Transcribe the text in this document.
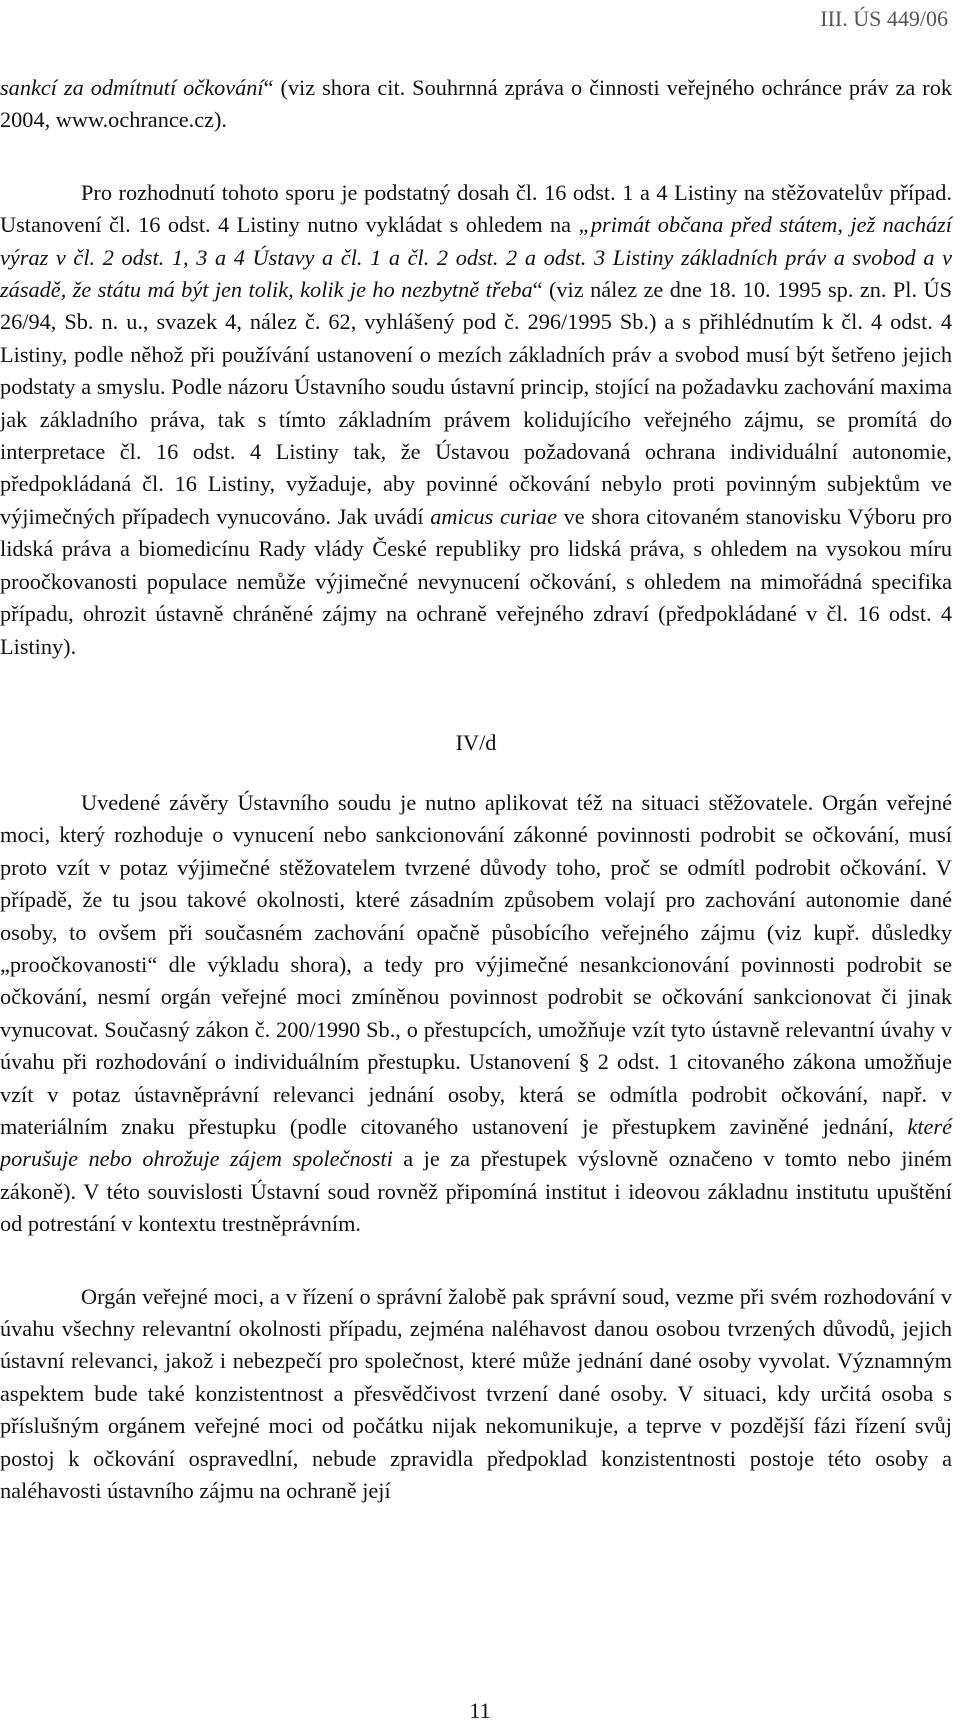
III. ÚS 449/06

sankcí za odmítnutí očkování“ (viz shora cit. Souhrnná zpráva o činnosti veřejného ochránce práv za rok 2004, www.ochrance.cz).

Pro rozhodnutí tohoto sporu je podstatný dosah čl. 16 odst. 1 a 4 Listiny na stěžovatelův případ. Ustanovení čl. 16 odst. 4 Listiny nutno vykládat s ohledem na „primát občana před státem, jež nachází výraz v čl. 2 odst. 1, 3 a 4 Ústavy a čl. 1 a čl. 2 odst. 2 a odst. 3 Listiny základních práv a svobod a v zásadě, že státu má být jen tolik, kolik je ho nezbytně třeba“ (viz nález ze dne 18. 10. 1995 sp. zn. Pl. ÚS 26/94, Sb. n. u., svazek 4, nález č. 62, vyhlášený pod č. 296/1995 Sb.) a s přihlédnutím k čl. 4 odst. 4 Listiny, podle něhož při používání ustanovení o mezích základních práv a svobod musí být šetřeno jejich podstaty a smyslu. Podle názoru Ústavního soudu ústavní princip, stojící na požadavku zachování maxima jak základního práva, tak s tímto základním právem kolidujícího veřejného zájmu, se promítá do interpretace čl. 16 odst. 4 Listiny tak, že Ústavou požadovaná ochrana individuální autonomie, předpokládaná čl. 16 Listiny, vyžaduje, aby povinné očkování nebylo proti povinným subjektům ve výjimečných případech vynucováno. Jak uvádí amicus curiae ve shora citovaném stanovisku Výboru pro lidská práva a biomedicínu Rady vlády České republiky pro lidská práva, s ohledem na vysokou míru proočkovanosti populace nemůže výjimečné nevynucení očkování, s ohledem na mimořádná specifika případu, ohrozit ústavně chráněné zájmy na ochraně veřejného zdraví (předpokládané v čl. 16 odst. 4 Listiny).

IV/d

Uvedené závěry Ústavního soudu je nutno aplikovat též na situaci stěžovatele. Orgán veřejné moci, který rozhoduje o vynucení nebo sankcionování zákonné povinnosti podrobit se očkování, musí proto vzít v potaz výjimečné stěžovatelem tvrzené důvody toho, proč se odmítl podrobit očkování. V případě, že tu jsou takové okolnosti, které zásadním způsobem volají pro zachování autonomie dané osoby, to ovšem při současném zachování opačně působícího veřejného zájmu (viz kupř. důsledky „proočkovanosti“ dle výkladu shora), a tedy pro výjimečné nesankcionování povinnosti podrobit se očkování, nesmí orgán veřejné moci zmíněnou povinnost podrobit se očkování sankcionovat či jinak vynucovat. Současný zákon č. 200/1990 Sb., o přestupcích, umožňuje vzít tyto ústavně relevantní úvahy v úvahu při rozhodování o individuálním přestupku. Ustanovení § 2 odst. 1 citovaného zákona umožňuje vzít v potaz ústavněprávní relevanci jednání osoby, která se odmítla podrobit očkování, např. v materiálním znaku přestupku (podle citovaného ustanovení je přestupkem zaviněné jednání, které porušuje nebo ohrožuje zájem společnosti a je za přestupek výslovně označeno v tomto nebo jiném zákoně). V této souvislosti Ústavní soud rovněž připomíná institut i ideovou základnu institutu upuštění od potrestání v kontextu trestněprávním.

Orgán veřejné moci, a v řízení o správní žalobě pak správní soud, vezme při svém rozhodování v úvahu všechny relevantní okolnosti případu, zejména naléhavost danou osobou tvrzených důvodů, jejich ústavní relevanci, jakož i nebezpečí pro společnost, které může jednání dané osoby vyvolat. Významným aspektem bude také konzistentnost a přesvědčivost tvrzení dané osoby. V situaci, kdy určitá osoba s příslušným orgánem veřejné moci od počátku nijak nekomunikuje, a teprve v pozdější fázi řízení svůj postoj k očkování ospravedlní, nebude zpravidla předpoklad konzistentnosti postoje této osoby a naléhavosti ústavního zájmu na ochraně její

11
